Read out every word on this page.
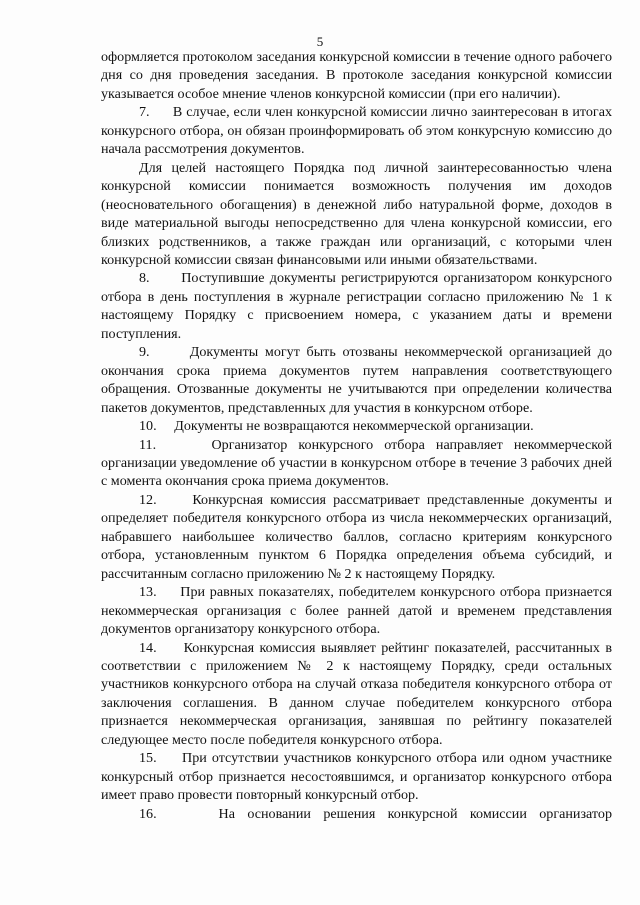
5

оформляется протоколом заседания конкурсной комиссии в течение одного рабочего дня со дня проведения заседания. В протоколе заседания конкурсной комиссии указывается особое мнение членов конкурсной комиссии (при его наличии).

7. В случае, если член конкурсной комиссии лично заинтересован в итогах конкурсного отбора, он обязан проинформировать об этом конкурсную комиссию до начала рассмотрения документов.

Для целей настоящего Порядка под личной заинтересованностью члена конкурсной комиссии понимается возможность получения им доходов (неосновательного обогащения) в денежной либо натуральной форме, доходов в виде материальной выгоды непосредственно для члена конкурсной комиссии, его близких родственников, а также граждан или организаций, с которыми член конкурсной комиссии связан финансовыми или иными обязательствами.

8. Поступившие документы регистрируются организатором конкурсного отбора в день поступления в журнале регистрации согласно приложению № 1 к настоящему Порядку с присвоением номера, с указанием даты и времени поступления.

9.	Документы могут быть отозваны некоммерческой организацией до окончания срока приема документов путем направления соответствующего обращения. Отозванные документы не учитываются при определении количества пакетов документов, представленных для участия в конкурсном отборе.

10. Документы не возвращаются некоммерческой организации.

11.	Организатор конкурсного отбора направляет некоммерческой организации уведомление об участии в конкурсном отборе в течение 3 рабочих дней с момента окончания срока приема документов.

12.	Конкурсная комиссия рассматривает представленные документы и определяет победителя конкурсного отбора из числа некоммерческих организаций, набравшего наибольшее количество баллов, согласно критериям конкурсного отбора, установленным пунктом 6 Порядка определения объема субсидий, и рассчитанным согласно приложению № 2 к настоящему Порядку.

13. При равных показателях, победителем конкурсного отбора признается некоммерческая организация с более ранней датой и временем представления документов организатору конкурсного отбора.

14. Конкурсная комиссия выявляет рейтинг показателей, рассчитанных в соответствии с приложением № 2 к настоящему Порядку, среди остальных участников конкурсного отбора на случай отказа победителя конкурсного отбора от заключения соглашения. В данном случае победителем конкурсного отбора признается некоммерческая организация, занявшая по рейтингу показателей следующее место после победителя конкурсного отбора.

15. При отсутствии участников конкурсного отбора или одном участнике конкурсный отбор признается несостоявшимся, и организатор конкурсного отбора имеет право провести повторный конкурсный отбор.

16.	На основании решения конкурсной комиссии организатор
